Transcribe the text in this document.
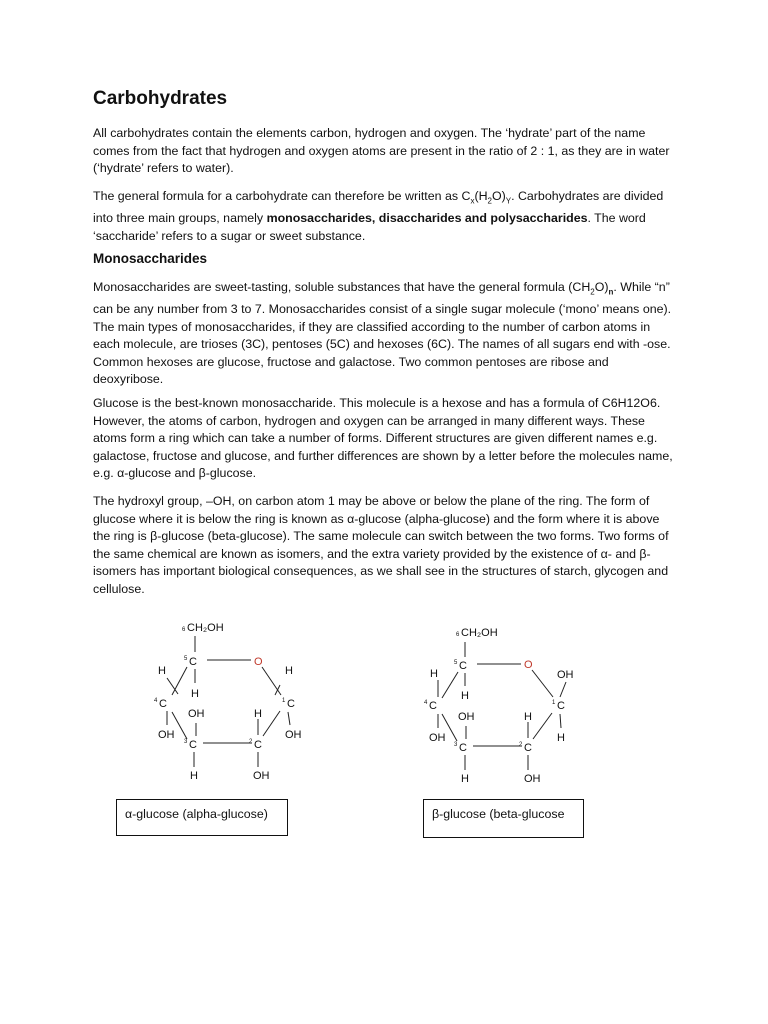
Carbohydrates

All carbohydrates contain the elements carbon, hydrogen and oxygen. The ‘hydrate’ part of the name comes from the fact that hydrogen and oxygen atoms are present in the ratio of 2 : 1, as they are in water (‘hydrate’ refers to water).

The general formula for a carbohydrate can therefore be written as $C_x(H_2O)_Y$. Carbohydrates are divided into three main groups, namely monosaccharides, disaccharides and polysaccharides. The word ‘saccharide’ refers to a sugar or sweet substance.

Monosaccharides

Monosaccharides are sweet-tasting, soluble substances that have the general formula $(CH_2O)_n$. While “n” can be any number from 3 to 7. Monosaccharides consist of a single sugar molecule (‘mono’ means one). The main types of monosaccharides, if they are classified according to the number of carbon atoms in each molecule, are trioses (3C), pentoses (5C) and hexoses (6C). The names of all sugars end with -ose. Common hexoses are glucose, fructose and galactose. Two common pentoses are ribose and deoxyribose.

Glucose is the best-known monosaccharide. This molecule is a hexose and has a formula of C6H12O6. However, the atoms of carbon, hydrogen and oxygen can be arranged in many different ways. These atoms form a ring which can take a number of forms. Different structures are given different names e.g. galactose, fructose and glucose, and further differences are shown by a letter before the molecules name, e.g. α-glucose and β-glucose.

The hydroxyl group, –OH, on carbon atom 1 may be above or below the plane of the ring. The form of glucose where it is below the ring is known as α-glucose (alpha-glucose) and the form where it is above the ring is β-glucose (beta-glucose). The same molecule can switch between the two forms. Two forms of the same chemical are known as isomers, and the extra variety provided by the existence of α- and β-isomers has important biological consequences, as we shall see in the structures of starch, glycogen and cellulose.

6 CH₂OH
5 C	O
H	H
H
4 C	1 C
OH	H
OH	OH
3 C	2 C
H	OH
6 CH₂OH
5 C	O
H	OH
H
4 C	1 C
OH	H
OH	H
3 C	2 C
H	OH
α-glucose (alpha-glucose)	β-glucose (beta-glucose
